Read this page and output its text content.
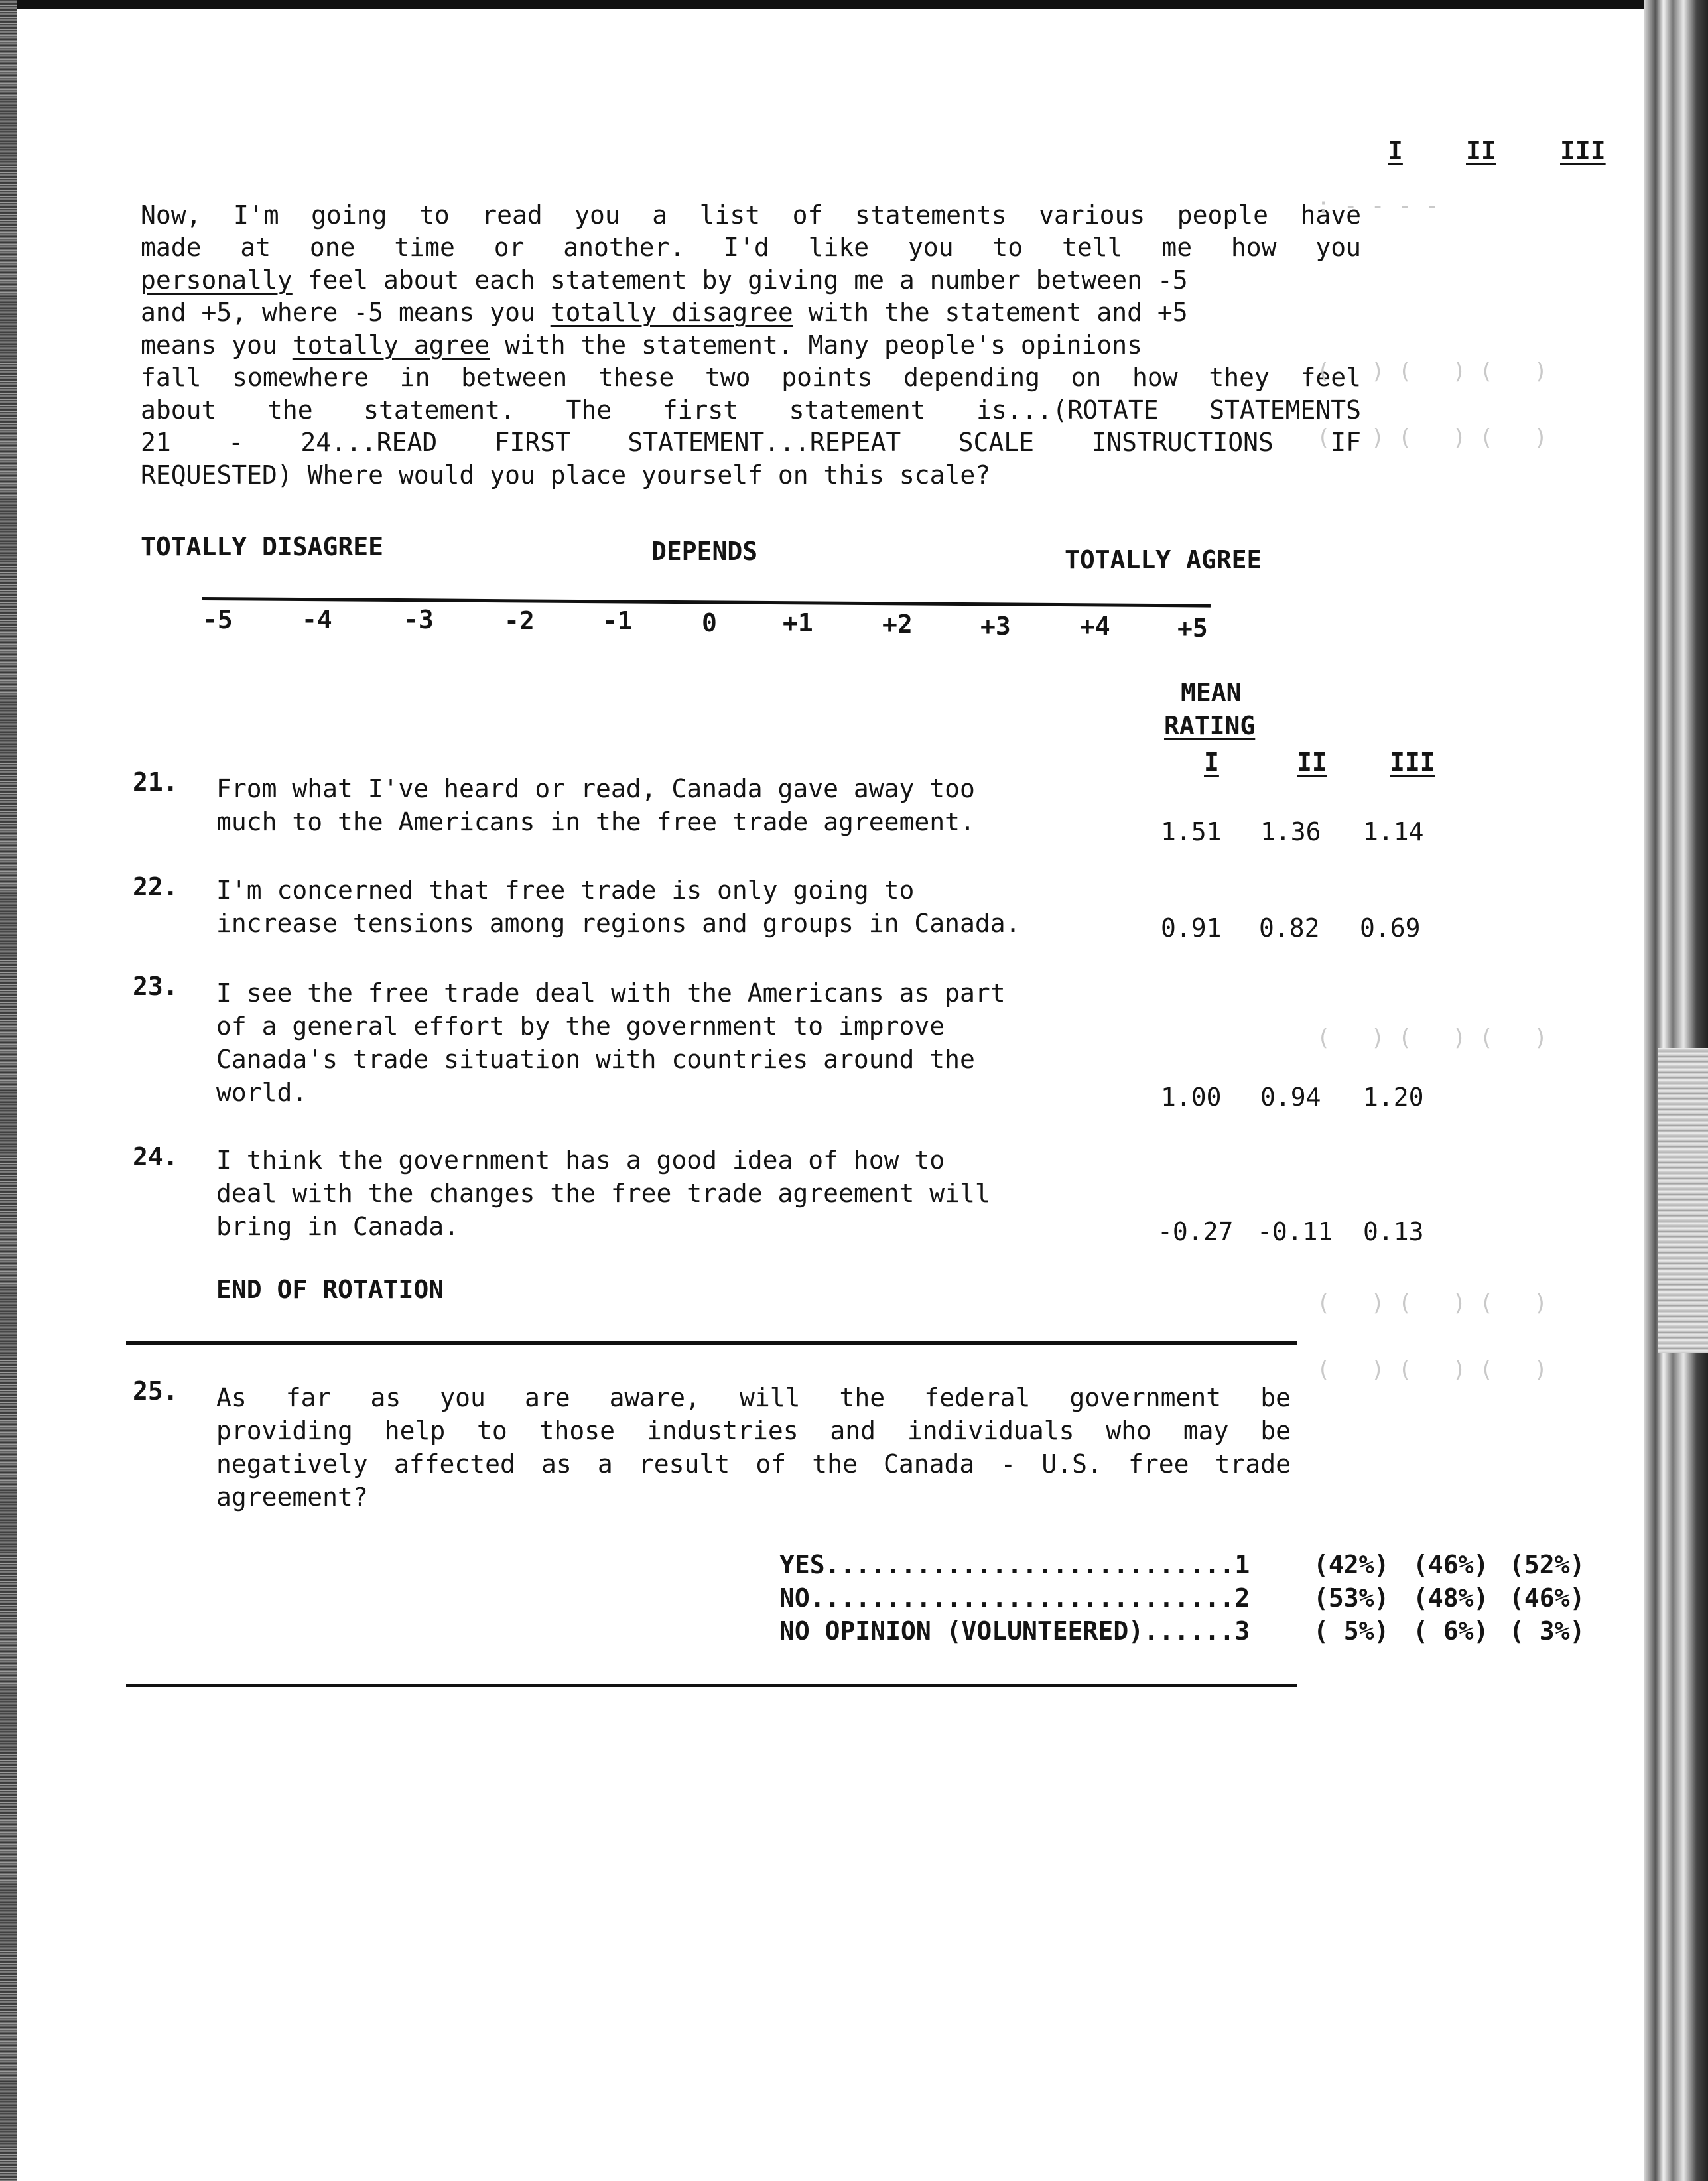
I	II	III
Now, I'm going to read you a list of statements various people have
made at one time or another. I'd like you to tell me how you
personally feel about each statement by giving me a number between -5
and +5, where -5 means you totally disagree with the statement and +5
means you totally agree with the statement. Many people's opinions
fall somewhere in between these two points depending on how they feel
about the statement. The first statement is...(ROTATE STATEMENTS
21 - 24...READ FIRST STATEMENT...REPEAT SCALE INSTRUCTIONS IF
REQUESTED) Where would you place yourself on this scale?
TOTALLY DISAGREE	DEPENDS	TOTALLY AGREE
-5	-4	-3	-2	-1	0	+1	+2	+3	+4	+5
MEAN
RATING
I	II III
21. From what I've heard or read, Canada gave away too
much to the Americans in the free trade agreement.	1.51 1.36 1.14
22. I'm concerned that free trade is only going to
increase tensions among regions and groups in Canada.	0.91 0.82 0.69
23. I see the free trade deal with the Americans as part
of a general effort by the government to improve
Canada's trade situation with countries around the
world.	1.00 0.94 1.20
24. I think the government has a good idea of how to
deal with the changes the free trade agreement will
bring in Canada.	-0.27 -0.11 0.13
END OF ROTATION
25. As far as you are aware, will the federal government be
providing help to those industries and individuals who may be
negatively affected as a result of the Canada - U.S. free trade
agreement?
YES...........................1	(42%) (46%) (52%)
NO............................2	(53%) (48%) (46%)
NO OPINION (VOLUNTEERED)......3	( 5%) ( 6%) ( 3%)
: - - - -
(   ) (   ) (   )
(   ) (   ) (   )
(   ) (   ) (   )
(   ) (   ) (   )
(   ) (   ) (   )
